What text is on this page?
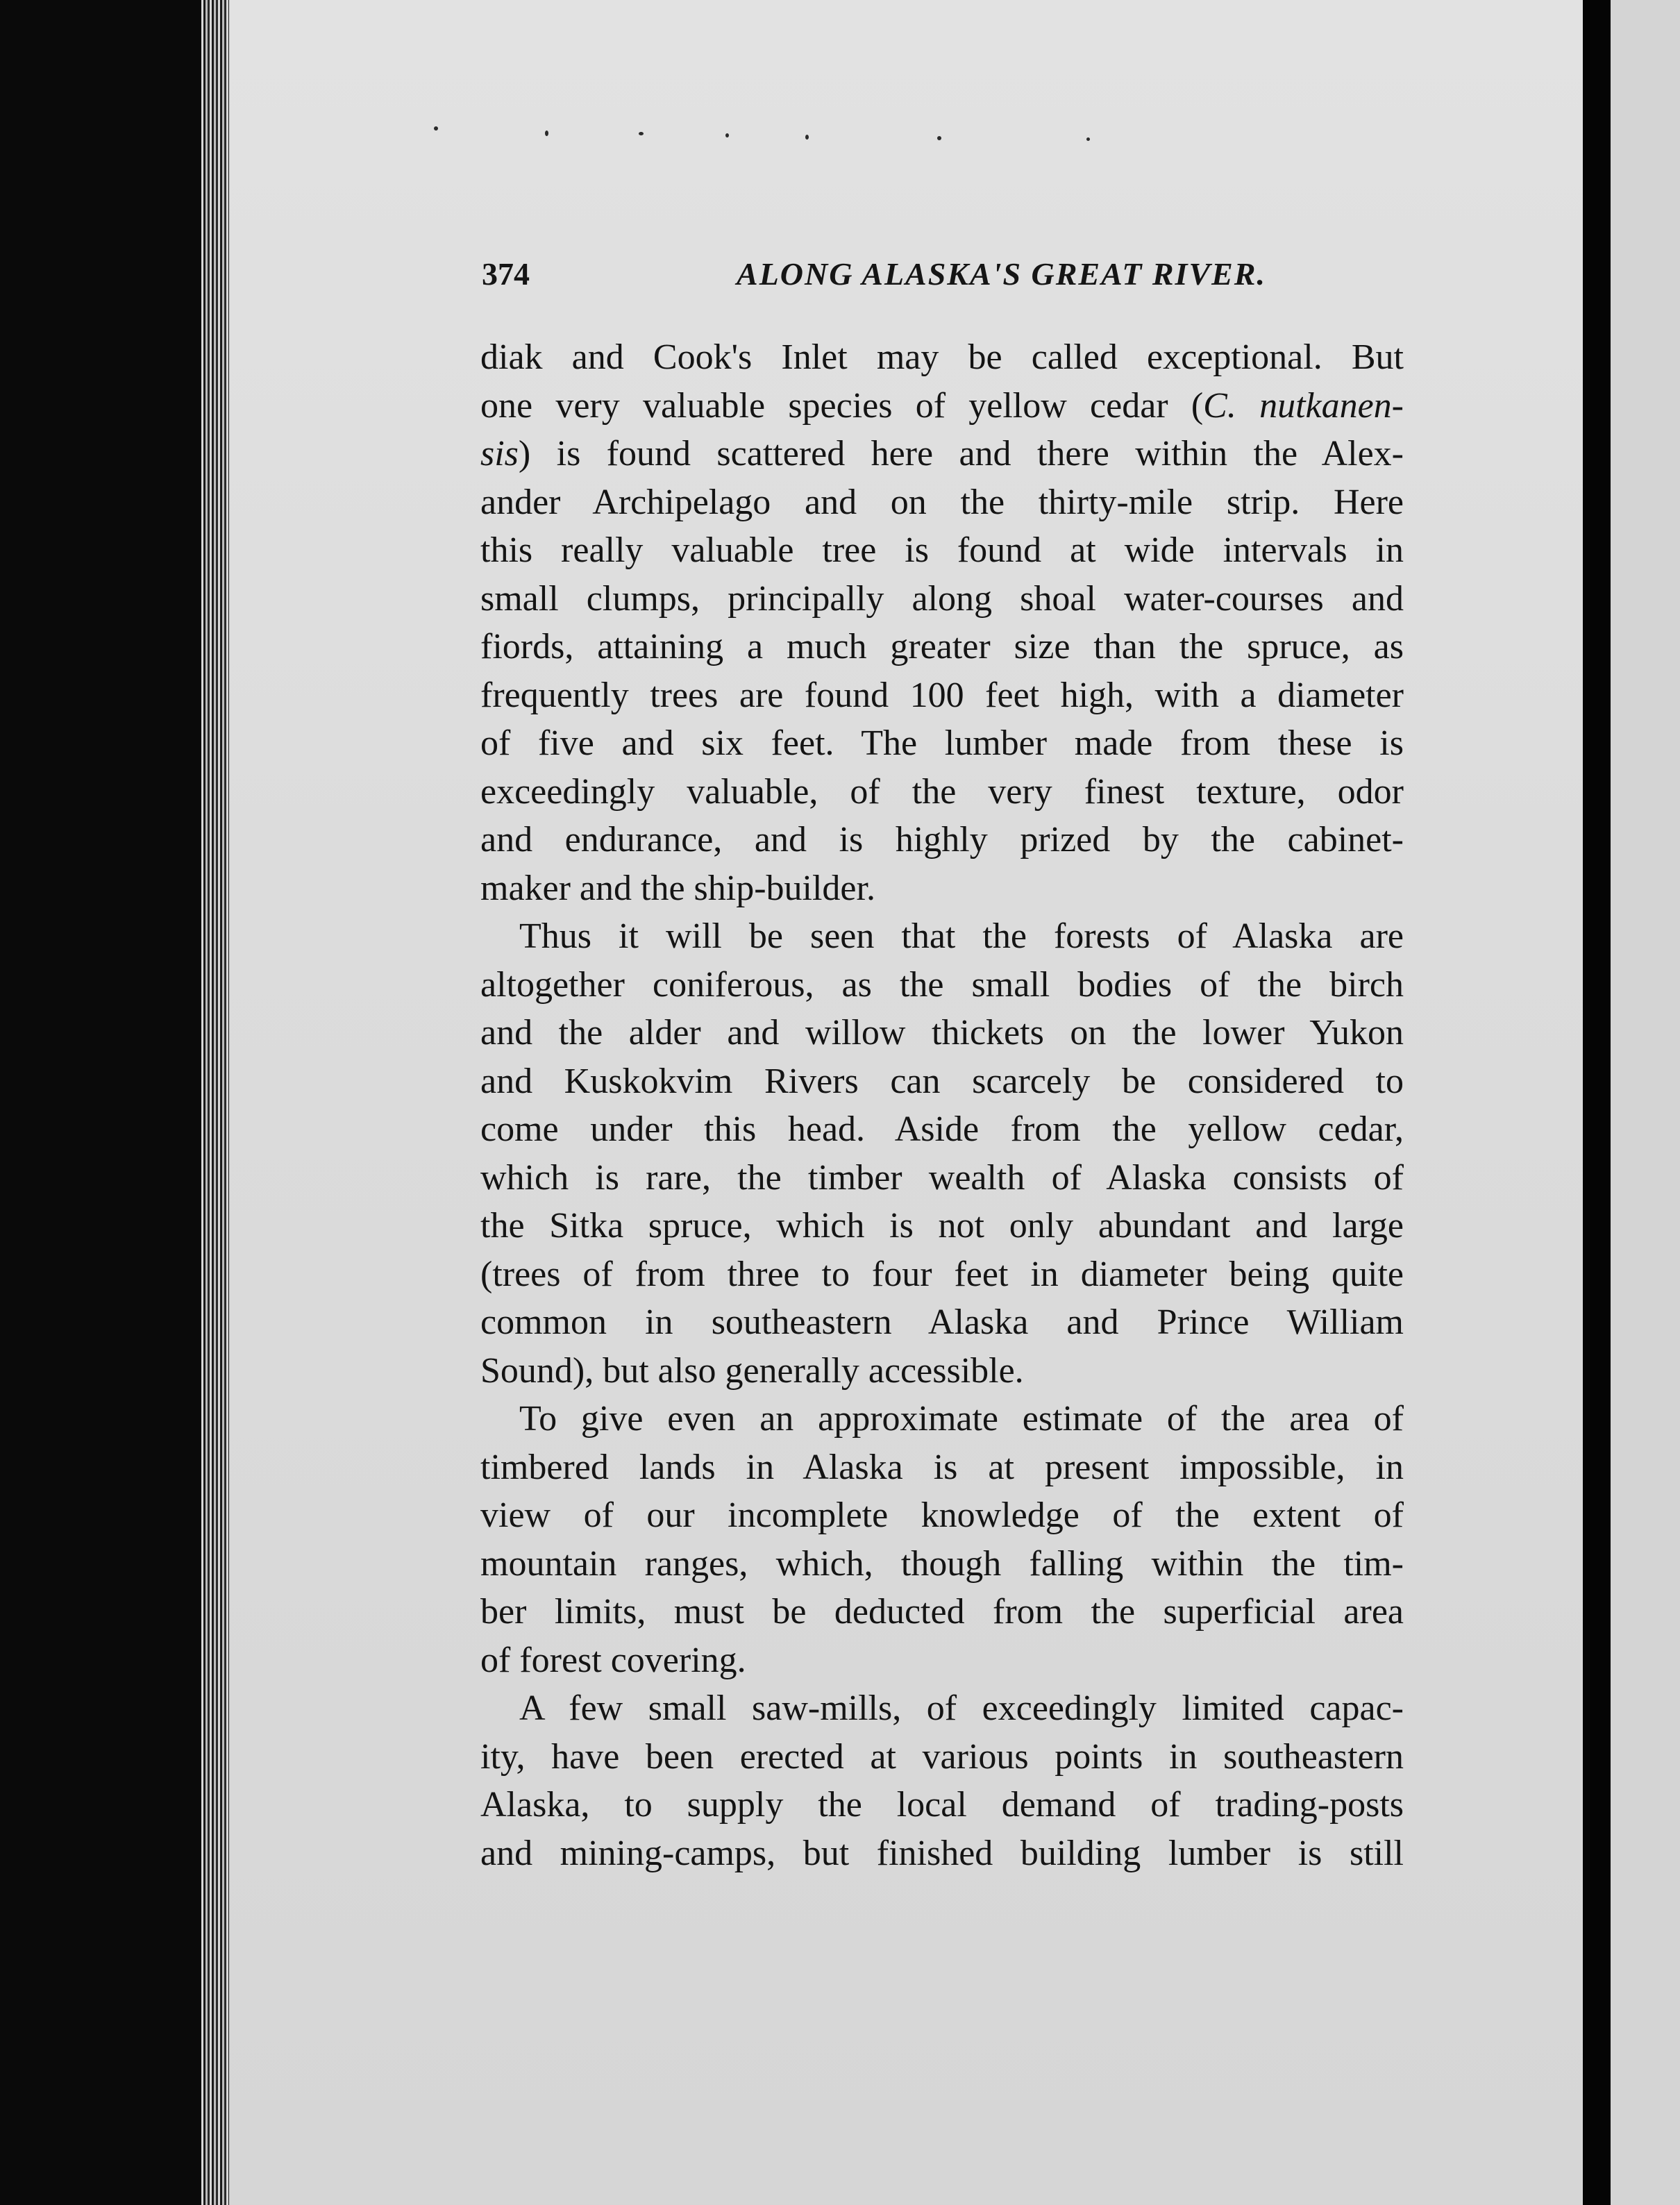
374	ALONG ALASKA'S GREAT RIVER.
diak and Cook's Inlet may be called exceptional. But
one very valuable species of yellow cedar (C. nutkanen-
sis) is found scattered here and there within the Alex-
ander Archipelago and on the thirty-mile strip. Here
this really valuable tree is found at wide intervals in
small clumps, principally along shoal water-courses and
fiords, attaining a much greater size than the spruce, as
frequently trees are found 100 feet high, with a diameter
of five and six feet. The lumber made from these is
exceedingly valuable, of the very finest texture, odor
and endurance, and is highly prized by the cabinet-
maker and the ship-builder.
Thus it will be seen that the forests of Alaska are
altogether coniferous, as the small bodies of the birch
and the alder and willow thickets on the lower Yukon
and Kuskokvim Rivers can scarcely be considered to
come under this head. Aside from the yellow cedar,
which is rare, the timber wealth of Alaska consists of
the Sitka spruce, which is not only abundant and large
(trees of from three to four feet in diameter being quite
common in southeastern Alaska and Prince William
Sound), but also generally accessible.
To give even an approximate estimate of the area of
timbered lands in Alaska is at present impossible, in
view of our incomplete knowledge of the extent of
mountain ranges, which, though falling within the tim-
ber limits, must be deducted from the superficial area
of forest covering.
A few small saw-mills, of exceedingly limited capac-
ity, have been erected at various points in southeastern
Alaska, to supply the local demand of trading-posts
and mining-camps, but finished building lumber is still
